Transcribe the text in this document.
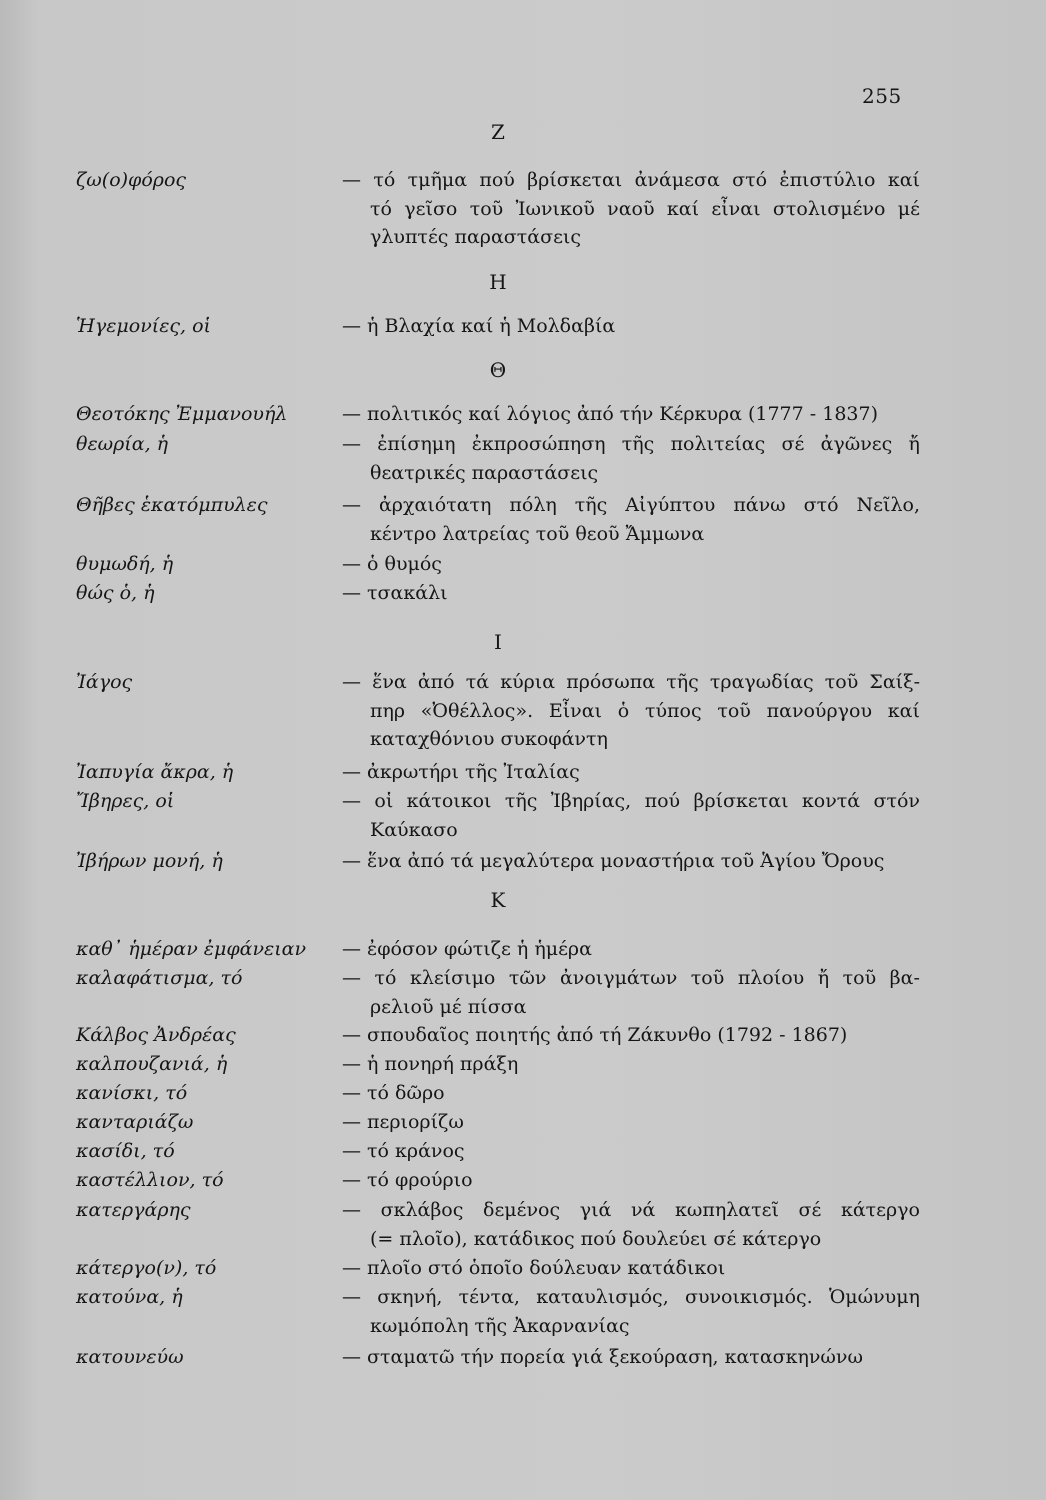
255
Z
H
Θ
I
K
ζω(ο)φόρος	— τό τμῆμα πού βρίσκεται ἀνάμεσα στό ἐπιστύλιο καί
τό γεῖσο τοῦ Ἰωνικοῦ ναοῦ καί εἶναι στολισμένο μέ
γλυπτές παραστάσεις
Ἡγεμονίες, οἱ	— ἡ Βλαχία καί ἡ Μολδαβία
Θεοτόκης Ἐμμανουήλ	— πολιτικός καί λόγιος ἀπό τήν Κέρκυρα (1777 - 1837)
θεωρία, ἡ	— ἐπίσημη ἐκπροσώπηση τῆς πολιτείας σέ ἀγῶνες ἤ
θεατρικές παραστάσεις
Θῆβες ἑκατόμπυλες	— ἀρχαιότατη πόλη τῆς Αἰγύπτου πάνω στό Νεῖλο,
κέντρο λατρείας τοῦ θεοῦ Ἄμμωνα
θυμωδή, ἡ	— ὁ θυμός
θώς ὁ, ἡ	— τσακάλι
Ἰάγος	— ἕνα ἀπό τά κύρια πρόσωπα τῆς τραγωδίας τοῦ Σαίξ-
πηρ «Ὀθέλλος». Εἶναι ὁ τύπος τοῦ πανούργου καί
καταχθόνιου συκοφάντη
Ἰαπυγία ἄκρα, ἡ	— ἀκρωτήρι τῆς Ἰταλίας
Ἴβηρες, οἱ	— οἱ κάτοικοι τῆς Ἰβηρίας, πού βρίσκεται κοντά στόν
Καύκασο
Ἰβήρων μονή, ἡ	— ἕνα ἀπό τά μεγαλύτερα μοναστήρια τοῦ Ἁγίου Ὄρους
καθ᾽ ἡμέραν ἐμφάνειαν	— ἐφόσον φώτιζε ἡ ἡμέρα
καλαφάτισμα, τό	— τό κλείσιμο τῶν ἀνοιγμάτων τοῦ πλοίου ἤ τοῦ βα-
ρελιοῦ μέ πίσσα
Κάλβος Ἀνδρέας	— σπουδαῖος ποιητής ἀπό τή Ζάκυνθο (1792 - 1867)
καλπουζανιά, ἡ	— ἡ πονηρή πράξη
κανίσκι, τό	— τό δῶρο
κανταριάζω	— περιορίζω
κασίδι, τό	— τό κράνος
καστέλλιον, τό	— τό φρούριο
κατεργάρης	— σκλάβος δεμένος γιά νά κωπηλατεῖ σέ κάτεργο
(= πλοῖο), κατάδικος πού δουλεύει σέ κάτεργο
κάτεργο(ν), τό	— πλοῖο στό ὁποῖο δούλευαν κατάδικοι
κατούνα, ἡ	— σκηνή, τέντα, καταυλισμός, συνοικισμός. Ὁμώνυμη
κωμόπολη τῆς Ἀκαρνανίας
κατουνεύω	— σταματῶ τήν πορεία γιά ξεκούραση, κατασκηνώνω
